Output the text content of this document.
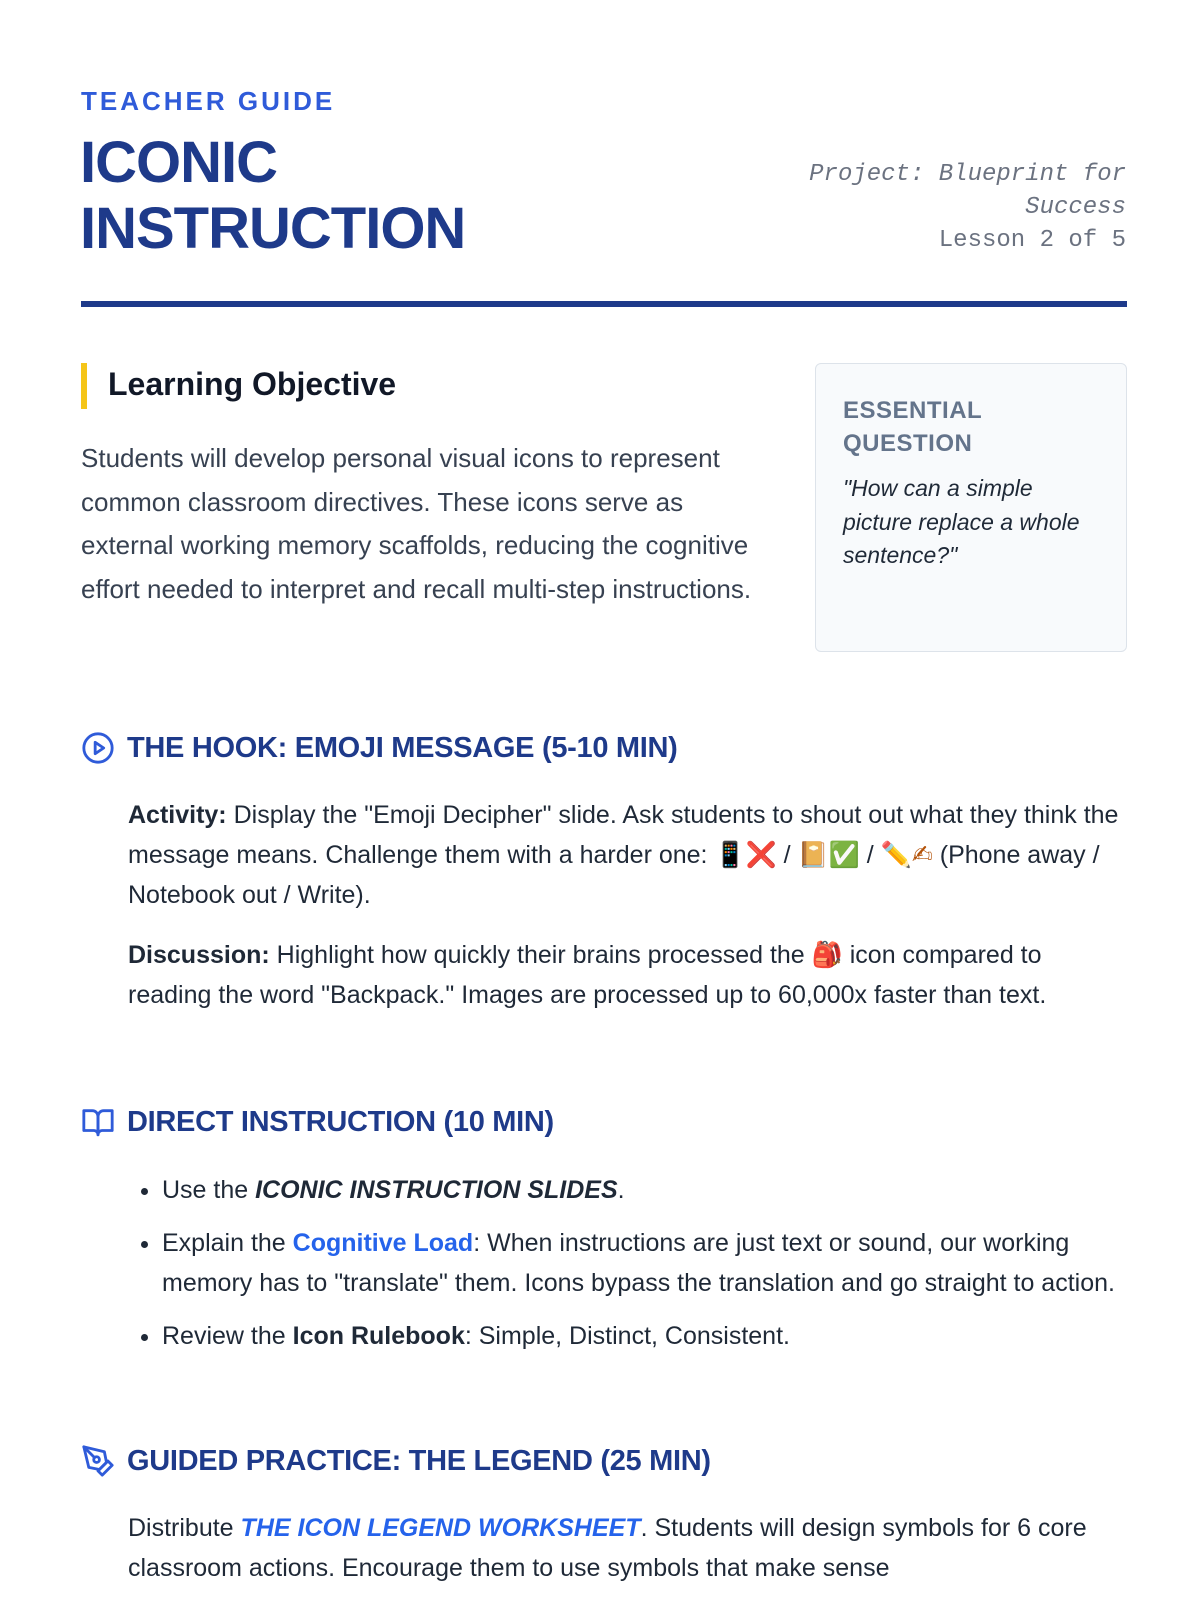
TEACHER GUIDE
ICONIC
INSTRUCTION
Project: Blueprint for Success
Lesson 2 of 5
Learning Objective

Students will develop personal visual icons to represent common classroom directives. These icons serve as external working memory scaffolds, reducing the cognitive effort needed to interpret and recall multi-step instructions.

ESSENTIAL QUESTION
"How can a simple picture replace a whole sentence?"
THE HOOK: EMOJI MESSAGE (5-10 MIN)

Activity: Display the "Emoji Decipher" slide. Ask students to shout out what they think the message means. Challenge them with a harder one: 📱❌ / 📔✅ / ✏️✍ (Phone away / Notebook out / Write).

Discussion: Highlight how quickly their brains processed the 🎒 icon compared to reading the word "Backpack." Images are processed up to 60,000x faster than text.

DIRECT INSTRUCTION (10 MIN)
• Use the ICONIC INSTRUCTION SLIDES.
• Explain the Cognitive Load: When instructions are just text or sound, our working memory has to "translate" them. Icons bypass the translation and go straight to action.
• Review the Icon Rulebook: Simple, Distinct, Consistent.
GUIDED PRACTICE: THE LEGEND (25 MIN)

Distribute THE ICON LEGEND WORKSHEET. Students will design symbols for 6 core classroom actions. Encourage them to use symbols that make sense
